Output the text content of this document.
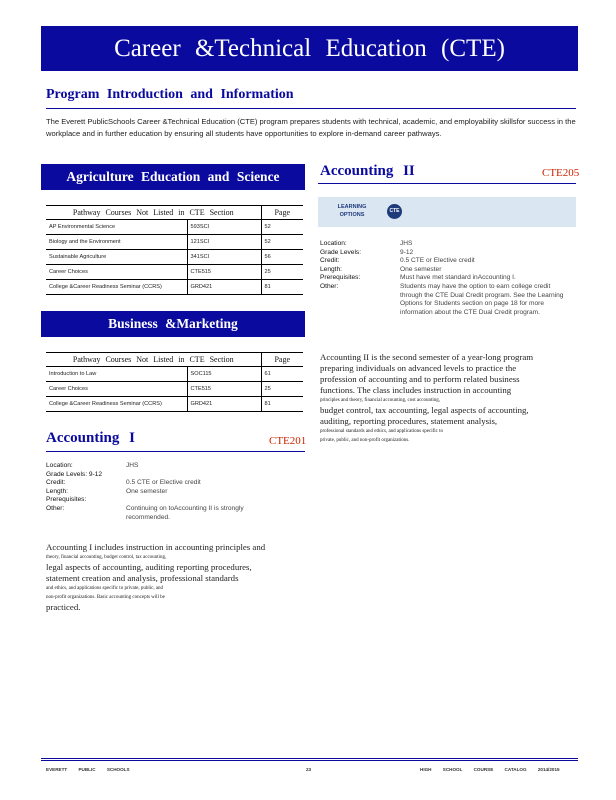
Career &Technical Education (CTE)
Program Introduction and Information
The Everett PublicSchools Career &Technical Education (CTE) program prepares students with technical, academic, and employability skillsfor success in the workplace and in further education by ensuring all students have opportunities to explore in-demand career pathways.
Agriculture Education and Science
Pathway Courses Not Listed in CTE Section		Page
AP Environmental Science	593SCI	52
Biology and the Environment	121SCI	52
Sustainable Agriculture	341SCI	56
Career Choices	CTE515	25
College &Career Readiness Seminar (CCRS)	GRD421	81
Business &Marketing
Pathway Courses Not Listed in CTE Section		Page
Introduction to Law	SOC115	61
Career Choices	CTE515	25
College &Career Readiness Seminar (CCRS)	GRD421	81
Accounting I	CTE201
Location:	JHS
Grade Levels: 9-12
Credit:	0.5 CTE or Elective credit
Length:	One semester
Prerequisites:
Other:	Continuing on toAccounting II is strongly recommended.
Accounting I includes instruction in accounting principles and
theory, financial accounting, budget control, tax accounting,
legal aspects of accounting, auditing reporting procedures,
statement creation and analysis, professional standards
and ethics, and applications specific to private, public, and
non-profit organizations. Basic accounting concepts will be
practiced.
Accounting II	CTE205
LEARNING OPTIONS
CTE
Location:	JHS
Grade Levels:	9-12
Credit:	0.5 CTE or Elective credit
Length:	One semester
Prerequisites:	Must have met standard inAccounting I.
Other:	Students may have the option to earn college credit through the CTE Dual Credit program. See the Learning Options for Students section on page 18 for more information about the CTE Dual Credit program.
Accounting II is the second semester of a year-long program
preparing individuals on advanced levels to practice the
profession of accounting and to perform related business
functions. The class includes instruction in accounting
principles and theory, financial accounting, cost accounting,
budget control, tax accounting, legal aspects of accounting,
auditing, reporting procedures, statement analysis,
professional standards and ethics, and applications specific to
private, public, and non-profit organizations.
EVERETT PUBLIC SCHOOLS	23	HIGH SCHOOL COURSE CATALOG 2014/2015
